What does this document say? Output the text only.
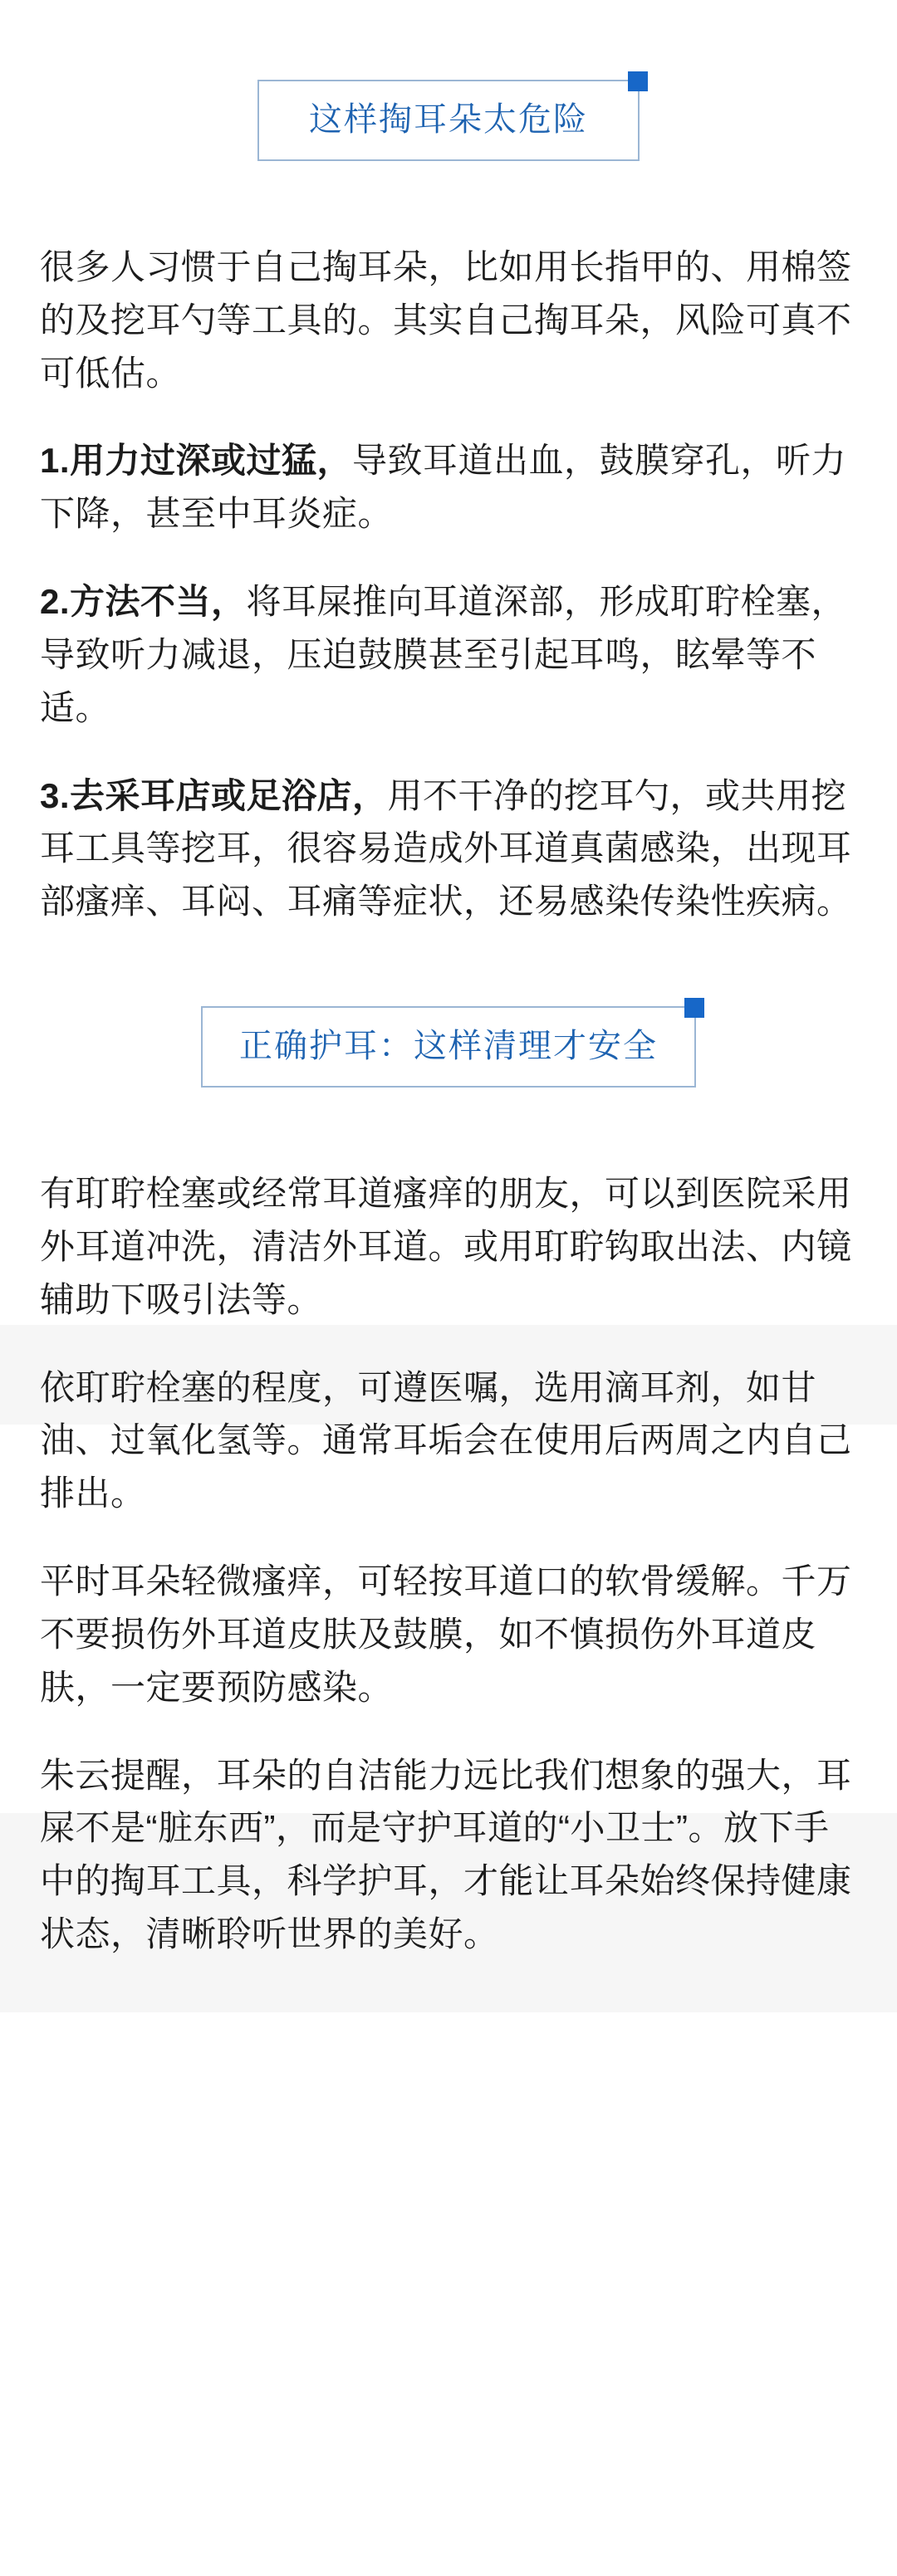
这样掏耳朵太危险

很多人习惯于自己掏耳朵，比如用长指甲的、用棉签的及挖耳勺等工具的。其实自己掏耳朵，风险可真不可低估。

1.用力过深或过猛，导致耳道出血，鼓膜穿孔，听力下降，甚至中耳炎症。

2.方法不当，将耳屎推向耳道深部，形成耵聍栓塞，导致听力减退，压迫鼓膜甚至引起耳鸣，眩晕等不适。

3.去采耳店或足浴店，用不干净的挖耳勺，或共用挖耳工具等挖耳，很容易造成外耳道真菌感染，出现耳部瘙痒、耳闷、耳痛等症状，还易感染传染性疾病。

正确护耳：这样清理才安全

有耵聍栓塞或经常耳道瘙痒的朋友，可以到医院采用外耳道冲洗，清洁外耳道。或用耵聍钩取出法、内镜辅助下吸引法等。

依耵聍栓塞的程度，可遵医嘱，选用滴耳剂，如甘油、过氧化氢等。通常耳垢会在使用后两周之内自己排出。

平时耳朵轻微瘙痒，可轻按耳道口的软骨缓解。千万不要损伤外耳道皮肤及鼓膜，如不慎损伤外耳道皮肤，一定要预防感染。

朱云提醒，耳朵的自洁能力远比我们想象的强大，耳屎不是“脏东西”，而是守护耳道的“小卫士”。放下手中的掏耳工具，科学护耳，才能让耳朵始终保持健康状态，清晰聆听世界的美好。
